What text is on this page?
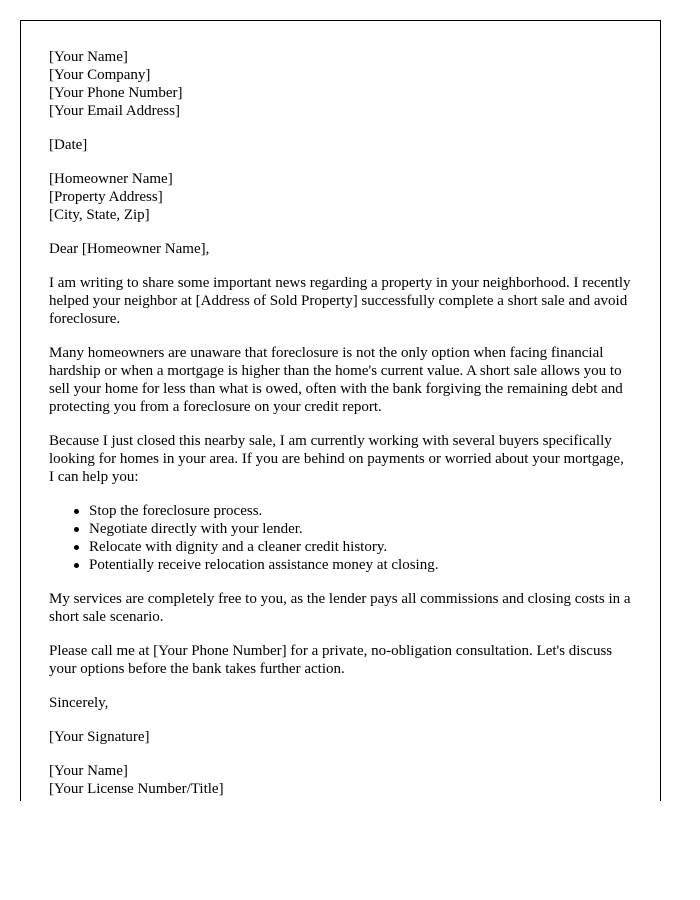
[Your Name]
[Your Company]
[Your Phone Number]
[Your Email Address]
[Date]
[Homeowner Name]
[Property Address]
[City, State, Zip]

Dear [Homeowner Name],

I am writing to share some important news regarding a property in your neighborhood. I recently helped your neighbor at [Address of Sold Property] successfully complete a short sale and avoid foreclosure.

Many homeowners are unaware that foreclosure is not the only option when facing financial hardship or when a mortgage is higher than the home's current value. A short sale allows you to sell your home for less than what is owed, often with the bank forgiving the remaining debt and protecting you from a foreclosure on your credit report.

Because I just closed this nearby sale, I am currently working with several buyers specifically looking for homes in your area. If you are behind on payments or worried about your mortgage, I can help you:

Stop the foreclosure process.
Negotiate directly with your lender.
Relocate with dignity and a cleaner credit history.
Potentially receive relocation assistance money at closing.

My services are completely free to you, as the lender pays all commissions and closing costs in a short sale scenario.

Please call me at [Your Phone Number] for a private, no-obligation consultation. Let's discuss your options before the bank takes further action.

Sincerely,

[Your Signature]

[Your Name]
[Your License Number/Title]
